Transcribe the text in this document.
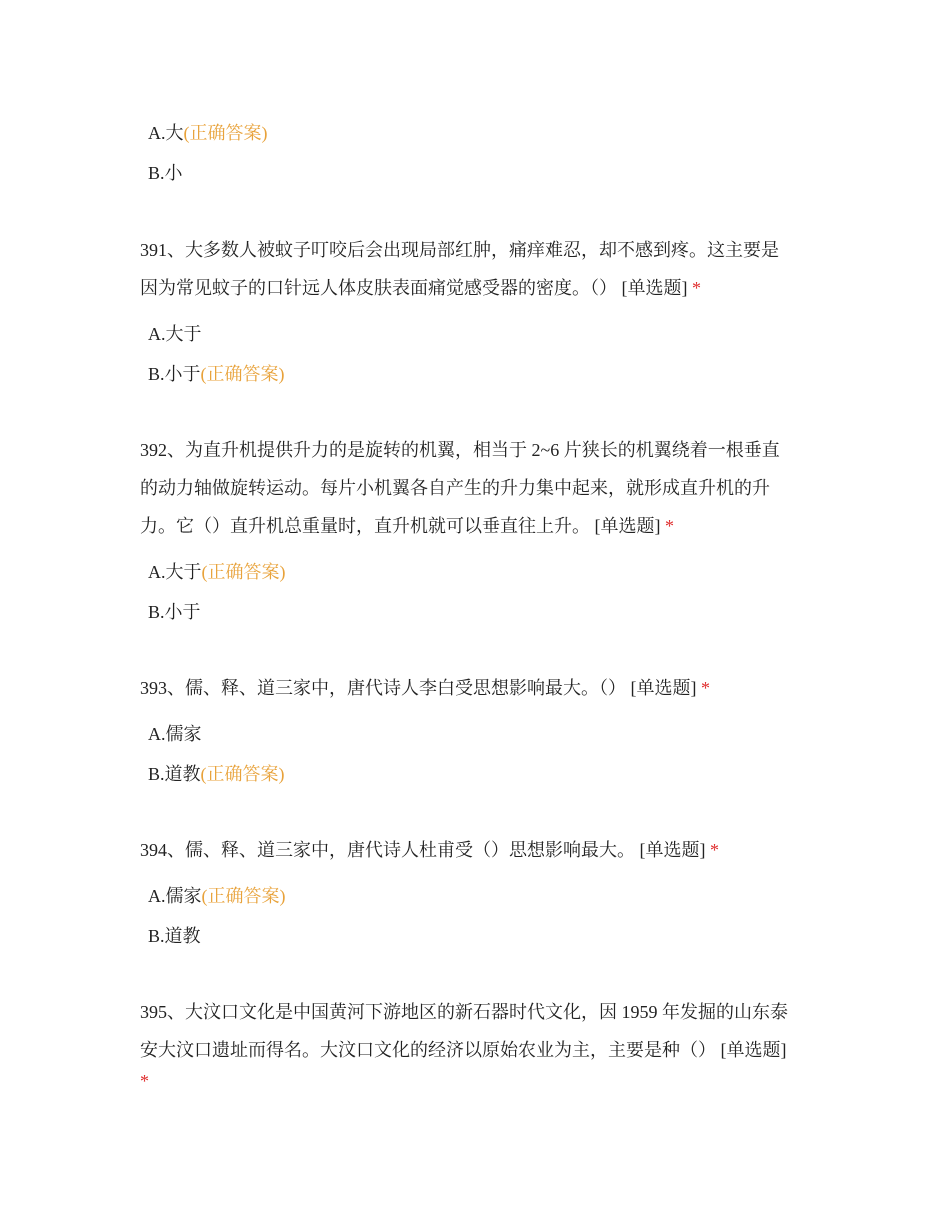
A.大(正确答案)

B.小

391、大多数人被蚊子叮咬后会出现局部红肿，痛痒难忍，却不感到疼。这主要是
因为常见蚊子的口针远人体皮肤表面痛觉感受器的密度。（） [单选题] *

A.大于

B.小于(正确答案)

392、为直升机提供升力的是旋转的机翼，相当于 2~6 片狭长的机翼绕着一根垂直
的动力轴做旋转运动。每片小机翼各自产生的升力集中起来，就形成直升机的升
力。它（）直升机总重量时，直升机就可以垂直往上升。 [单选题] *

A.大于(正确答案)

B.小于

393、儒、释、道三家中，唐代诗人李白受思想影响最大。（） [单选题] *

A.儒家

B.道教(正确答案)

394、儒、释、道三家中，唐代诗人杜甫受（）思想影响最大。 [单选题] *

A.儒家(正确答案)

B.道教

395、大汶口文化是中国黄河下游地区的新石器时代文化，因 1959 年发掘的山东泰
安大汶口遗址而得名。大汶口文化的经济以原始农业为主，主要是种（） [单选题]
*
